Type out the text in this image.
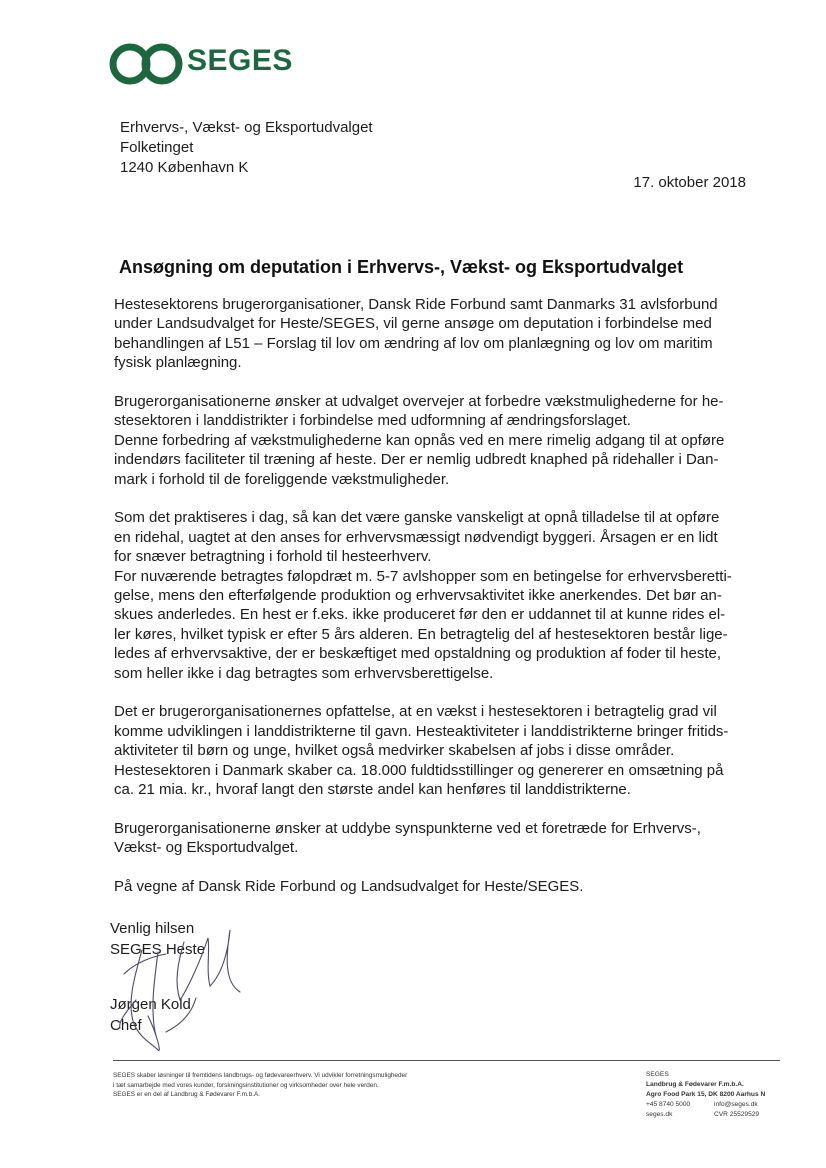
SEGES
Erhvervs-, Vækst- og Eksportudvalget
Folketinget
1240 København K
17. oktober 2018
Ansøgning om deputation i Erhvervs-, Vækst- og Eksportudvalget

Hestesektorens brugerorganisationer, Dansk Ride Forbund samt Danmarks 31 avlsforbund
under Landsudvalget for Heste/SEGES, vil gerne ansøge om deputation i forbindelse med
behandlingen af L51 – Forslag til lov om ændring af lov om planlægning og lov om maritim
fysisk planlægning.

Brugerorganisationerne ønsker at udvalget overvejer at forbedre vækstmulighederne for he-
stesektoren i landdistrikter i forbindelse med udformning af ændringsforslaget.
Denne forbedring af vækstmulighederne kan opnås ved en mere rimelig adgang til at opføre
indendørs faciliteter til træning af heste. Der er nemlig udbredt knaphed på ridehaller i Dan-
mark i forhold til de foreliggende vækstmuligheder.

Som det praktiseres i dag, så kan det være ganske vanskeligt at opnå tilladelse til at opføre
en ridehal, uagtet at den anses for erhvervsmæssigt nødvendigt byggeri. Årsagen er en lidt
for snæver betragtning i forhold til hesteerhverv.
For nuværende betragtes følopdræt m. 5-7 avlshopper som en betingelse for erhvervsberetti-
gelse, mens den efterfølgende produktion og erhvervsaktivitet ikke anerkendes. Det bør an-
skues anderledes. En hest er f.eks. ikke produceret før den er uddannet til at kunne rides el-
ler køres, hvilket typisk er efter 5 års alderen. En betragtelig del af hestesektoren består lige-
ledes af erhvervsaktive, der er beskæftiget med opstaldning og produktion af foder til heste,
som heller ikke i dag betragtes som erhvervsberettigelse.

Det er brugerorganisationernes opfattelse, at en vækst i hestesektoren i betragtelig grad vil
komme udviklingen i landdistrikterne til gavn. Hesteaktiviteter i landdistrikterne bringer fritids-
aktiviteter til børn og unge, hvilket også medvirker skabelsen af jobs i disse områder.
Hestesektoren i Danmark skaber ca. 18.000 fuldtidsstillinger og genererer en omsætning på
ca. 21 mia. kr., hvoraf langt den største andel kan henføres til landdistrikterne.

Brugerorganisationerne ønsker at uddybe synspunkterne ved et foretræde for Erhvervs-,
Vækst- og Eksportudvalget.

På vegne af Dansk Ride Forbund og Landsudvalget for Heste/SEGES.

Venlig hilsen
SEGES Heste
Jørgen Kold
Chef
SEGES skaber løsninger til fremtidens landbrugs- og fødevareerhverv. Vi udvikler forretningsmuligheder
i tæt samarbejde med vores kunder, forskningsinstitutioner og virksomheder over hele verden.
SEGES er en del af Landbrug & Fødevarer F.m.b.A.
SEGES
Landbrug & Fødevarer F.m.b.A.
Agro Food Park 15, DK 8200 Aarhus N
+45 8740 5000	info@seges.dk
seges.dk	CVR 25529529
